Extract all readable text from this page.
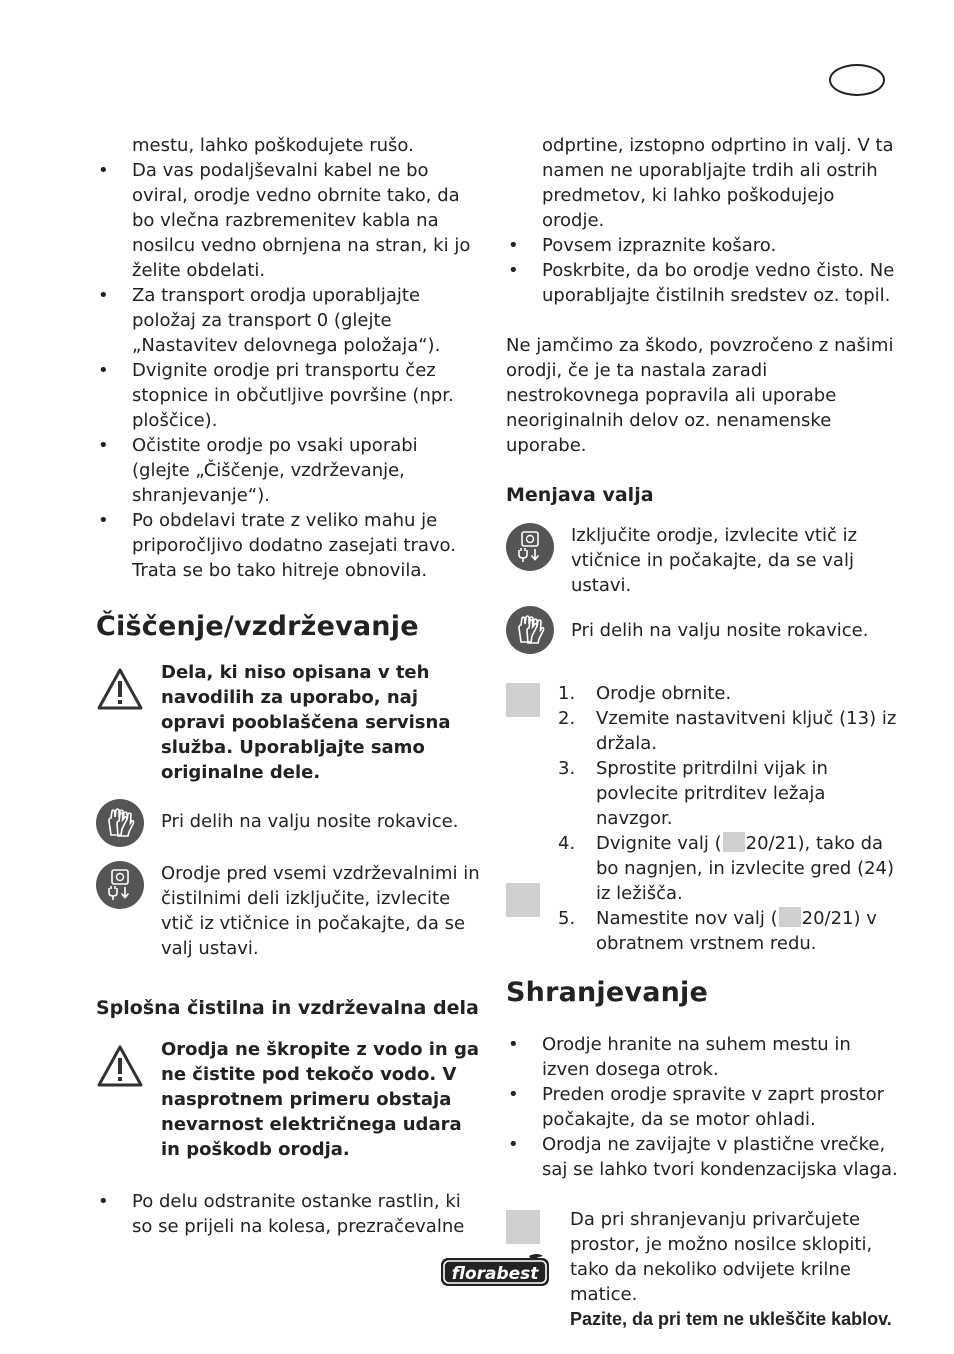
mestu, lahko poškodujete rušo.
• Da vas podaljševalni kabel ne bo oviral, orodje vedno obrnite tako, da bo vlečna razbremenitev kabla na nosilcu vedno obrnjena na stran, ki jo želite obdelati.
• Za transport orodja uporabljajte položaj za transport 0 (glejte „Nastavitev delovnega položaja“).
• Dvignite orodje pri transportu čez stopnice in občutljive površine (npr. ploščice).
• Očistite orodje po vsaki uporabi (glejte „Čiščenje, vzdrževanje, shranjevanje“).
• Po obdelavi trate z veliko mahu je priporočljivo dodatno zasejati travo. Trata se bo tako hitreje obnovila.
Čiščenje/vzdrževanje
Dela, ki niso opisana v teh navodilih za uporabo, naj opravi pooblaščena servisna služba. Uporabljajte samo originalne dele.
Pri delih na valju nosite rokavice.
Orodje pred vsemi vzdrževalnimi in čistilnimi deli izključite, izvlecite vtič iz vtičnice in počakajte, da se valj ustavi.
Splošna čistilna in vzdrževalna dela
Orodja ne škropite z vodo in ga ne čistite pod tekočo vodo. V nasprotnem primeru obstaja nevarnost električnega udara in poškodb orodja.
• Po delu odstranite ostanke rastlin, ki so se prijeli na kolesa, prezračevalne
odprtine, izstopno odprtino in valj. V ta namen ne uporabljajte trdih ali ostrih predmetov, ki lahko poškodujejo orodje.
• Povsem izpraznite košaro.
• Poskrbite, da bo orodje vedno čisto. Ne uporabljajte čistilnih sredstev oz. topil.
Ne jamčimo za škodo, povzročeno z našimi orodji, če je ta nastala zaradi nestrokovnega popravila ali uporabe neoriginalnih delov oz. nenamenske uporabe.
Menjava valja
Izključite orodje, izvlecite vtič iz vtičnice in počakajte, da se valj ustavi.
Pri delih na valju nosite rokavice.
1. Orodje obrnite.
2. Vzemite nastavitveni ključ (13) iz držala.
3. Sprostite pritrdilni vijak in povlecite pritrditev ležaja navzgor.
4. Dvignite valj ( 20/21), tako da bo nagnjen, in izvlecite gred (24) iz ležišča.
5. Namestite nov valj ( 20/21) v obratnem vrstnem redu.
Shranjevanje
• Orodje hranite na suhem mestu in izven dosega otrok.
• Preden orodje spravite v zaprt prostor počakajte, da se motor ohladi.
• Orodja ne zavijajte v plastične vrečke, saj se lahko tvori kondenzacijska vlaga.
Da pri shranjevanju privarčujete prostor, je možno nosilce sklopiti, tako da nekoliko odvijete krilne matice.
Pazite, da pri tem ne ukleščite kablov.
florabest
